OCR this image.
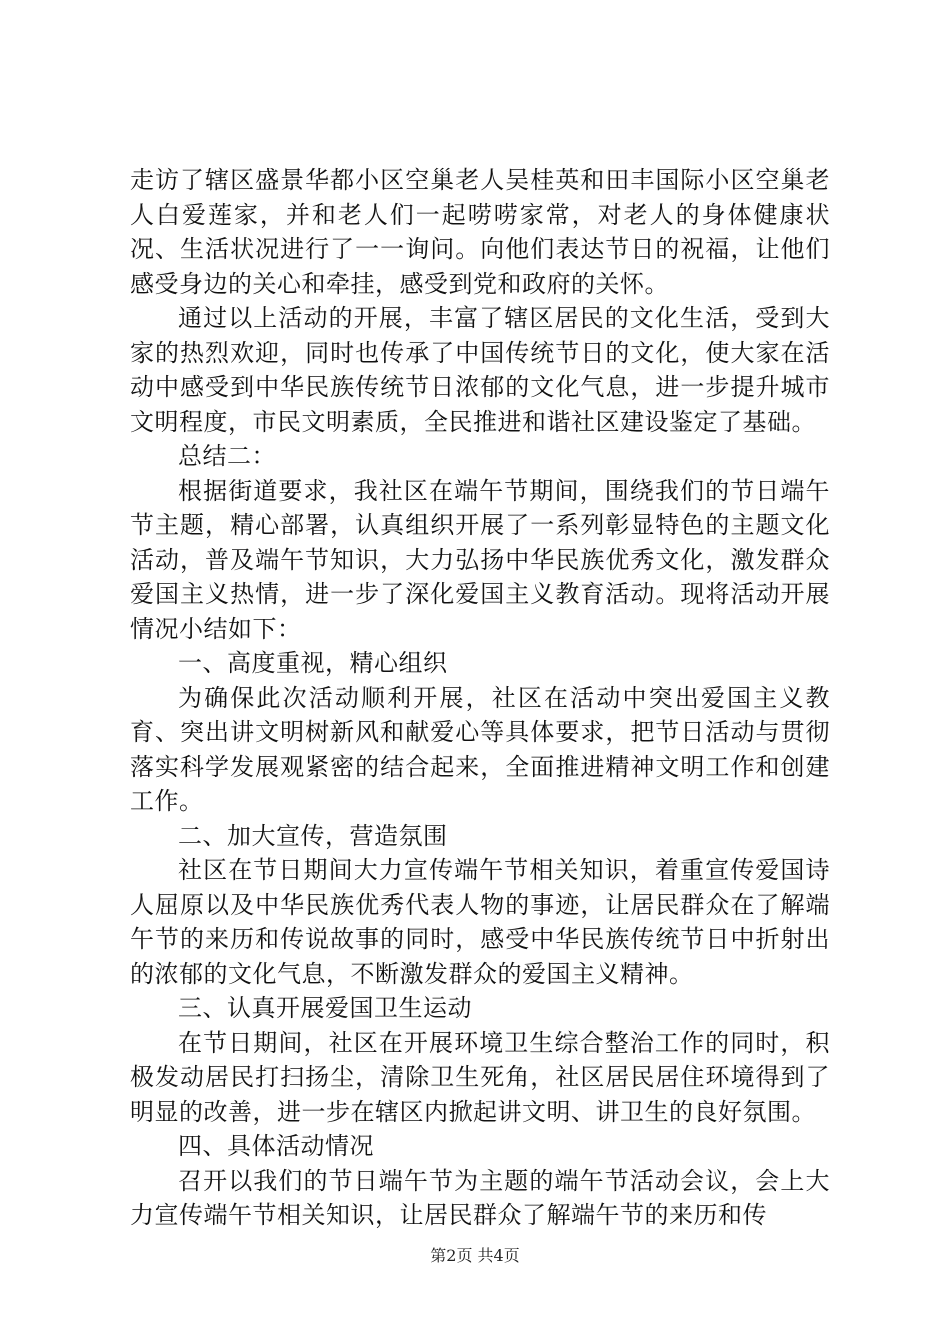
走访了辖区盛景华都小区空巢老人吴桂英和田丰国际小区空巢老人白爱莲家，并和老人们一起唠唠家常，对老人的身体健康状况、生活状况进行了一一询问。向他们表达节日的祝福，让他们感受身边的关心和牵挂，感受到党和政府的关怀。

通过以上活动的开展，丰富了辖区居民的文化生活，受到大家的热烈欢迎，同时也传承了中国传统节日的文化，使大家在活动中感受到中华民族传统节日浓郁的文化气息，进一步提升城市文明程度，市民文明素质，全民推进和谐社区建设鉴定了基础。

总结二：

根据街道要求，我社区在端午节期间，围绕我们的节日端午节主题，精心部署，认真组织开展了一系列彰显特色的主题文化活动，普及端午节知识，大力弘扬中华民族优秀文化，激发群众爱国主义热情，进一步了深化爱国主义教育活动。现将活动开展情况小结如下：

一、高度重视，精心组织

为确保此次活动顺利开展，社区在活动中突出爱国主义教育、突出讲文明树新风和献爱心等具体要求，把节日活动与贯彻落实科学发展观紧密的结合起来，全面推进精神文明工作和创建工作。

二、加大宣传，营造氛围

社区在节日期间大力宣传端午节相关知识，着重宣传爱国诗人屈原以及中华民族优秀代表人物的事迹，让居民群众在了解端午节的来历和传说故事的同时，感受中华民族传统节日中折射出的浓郁的文化气息，不断激发群众的爱国主义精神。

三、认真开展爱国卫生运动

在节日期间，社区在开展环境卫生综合整治工作的同时，积极发动居民打扫扬尘，清除卫生死角，社区居民居住环境得到了明显的改善，进一步在辖区内掀起讲文明、讲卫生的良好氛围。

四、具体活动情况

召开以我们的节日端午节为主题的端午节活动会议，会上大力宣传端午节相关知识，让居民群众了解端午节的来历和传

第2页 共4页
